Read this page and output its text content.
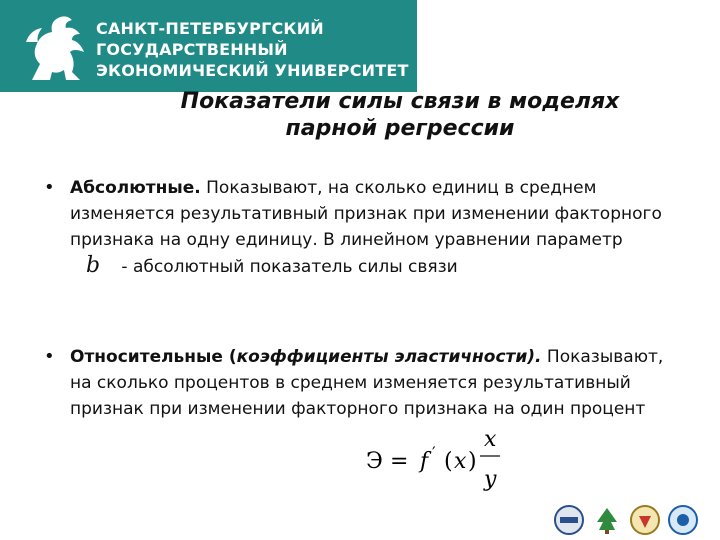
САНКТ-ПЕТЕРБУРГСКИЙ
ГОСУДАРСТВЕННЫЙ
ЭКОНОМИЧЕСКИЙ УНИВЕРСИТЕТ
Показатели силы связи в моделях
парной регрессии
• Абсолютные. Показывают, на сколько единиц в среднем изменяется результативный признак при изменении факторного признака на одну единицу. В линейном уравнении параметр b - абсолютный показатель силы связи
• Относительные (коэффициенты эластичности). Показывают, на сколько процентов в среднем изменяется результативный признак при изменении факторного признака на один процент
Э = f ′ ( x )
x
y
